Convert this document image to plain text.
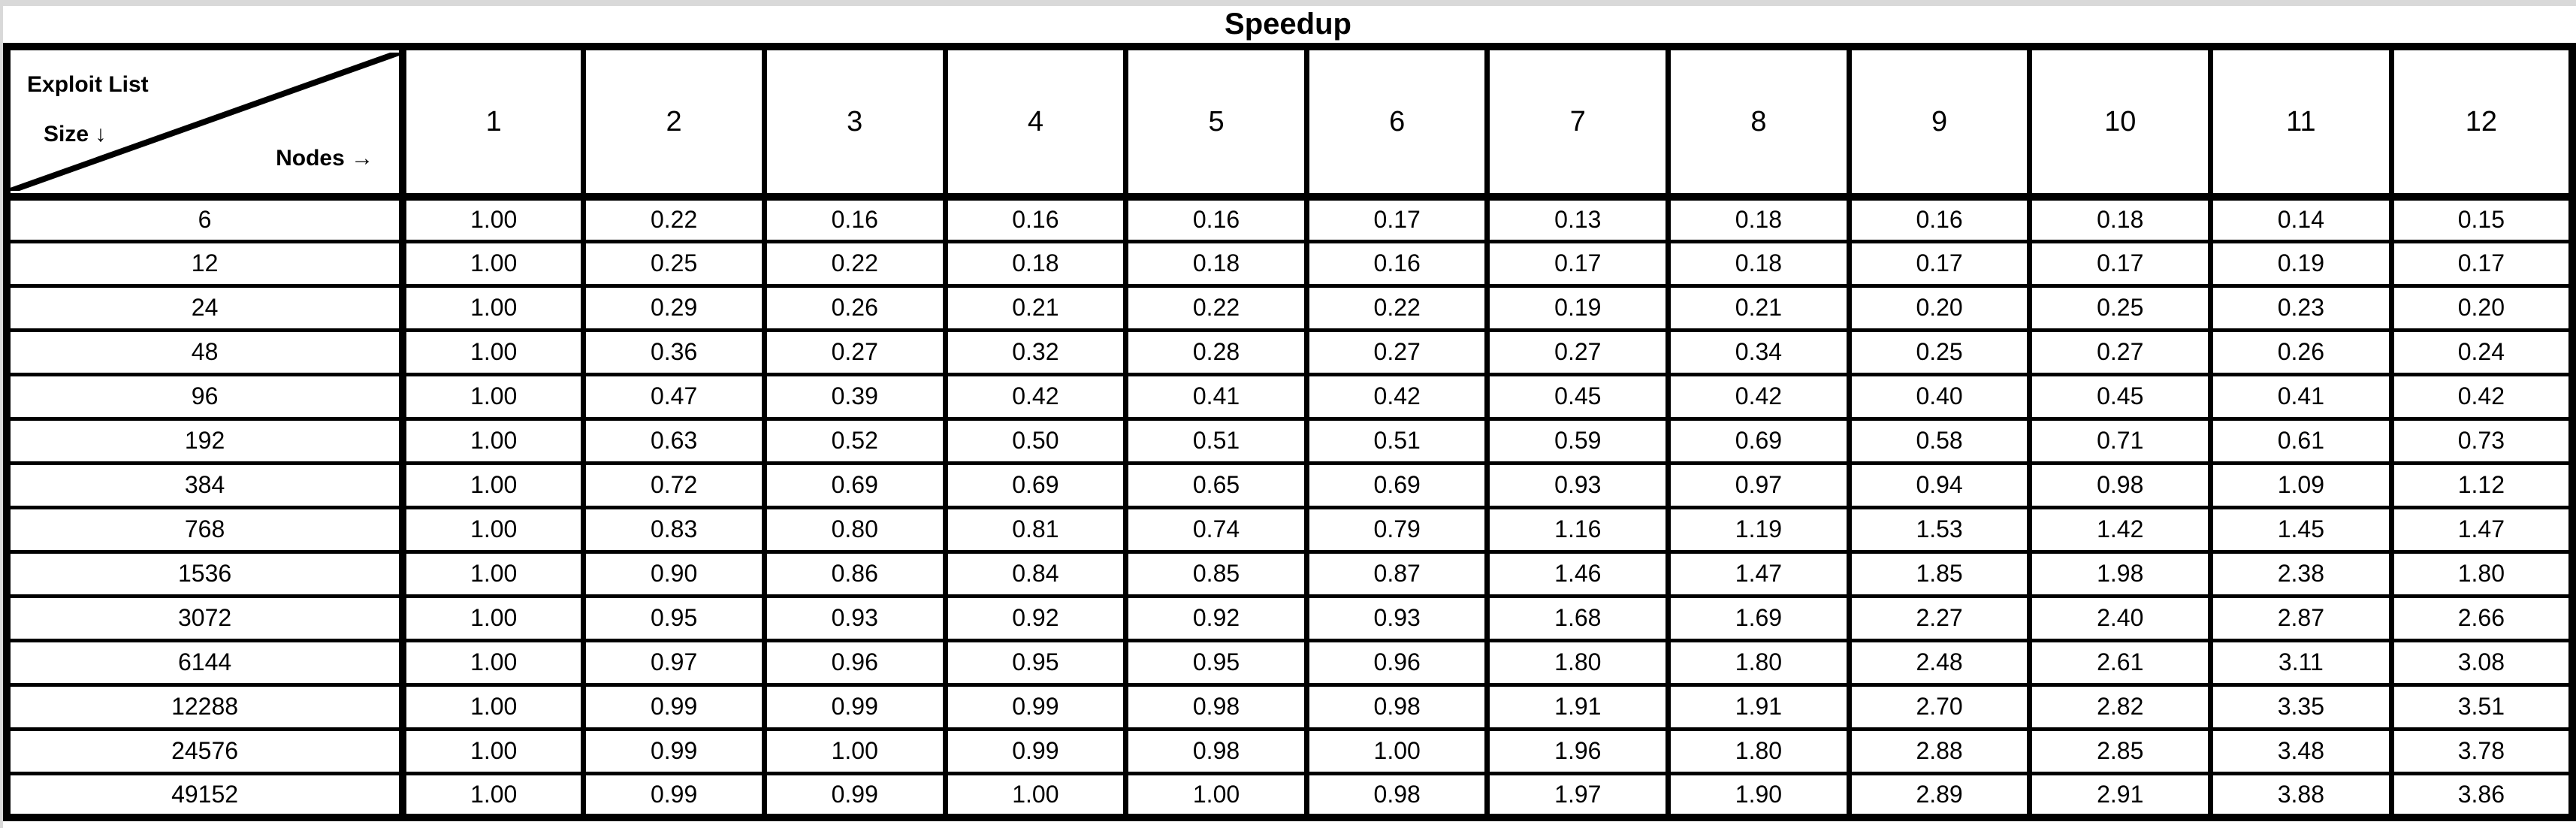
Speedup
Exploit List
Size ↓
Nodes →	1	2	3	4	5	6	7	8	9	10	11	12
6	1.00	0.22	0.16	0.16	0.16	0.17	0.13	0.18	0.16	0.18	0.14	0.15
12	1.00	0.25	0.22	0.18	0.18	0.16	0.17	0.18	0.17	0.17	0.19	0.17
24	1.00	0.29	0.26	0.21	0.22	0.22	0.19	0.21	0.20	0.25	0.23	0.20
48	1.00	0.36	0.27	0.32	0.28	0.27	0.27	0.34	0.25	0.27	0.26	0.24
96	1.00	0.47	0.39	0.42	0.41	0.42	0.45	0.42	0.40	0.45	0.41	0.42
192	1.00	0.63	0.52	0.50	0.51	0.51	0.59	0.69	0.58	0.71	0.61	0.73
384	1.00	0.72	0.69	0.69	0.65	0.69	0.93	0.97	0.94	0.98	1.09	1.12
768	1.00	0.83	0.80	0.81	0.74	0.79	1.16	1.19	1.53	1.42	1.45	1.47
1536	1.00	0.90	0.86	0.84	0.85	0.87	1.46	1.47	1.85	1.98	2.38	1.80
3072	1.00	0.95	0.93	0.92	0.92	0.93	1.68	1.69	2.27	2.40	2.87	2.66
6144	1.00	0.97	0.96	0.95	0.95	0.96	1.80	1.80	2.48	2.61	3.11	3.08
12288	1.00	0.99	0.99	0.99	0.98	0.98	1.91	1.91	2.70	2.82	3.35	3.51
24576	1.00	0.99	1.00	0.99	0.98	1.00	1.96	1.80	2.88	2.85	3.48	3.78
49152	1.00	0.99	0.99	1.00	1.00	0.98	1.97	1.90	2.89	2.91	3.88	3.86
